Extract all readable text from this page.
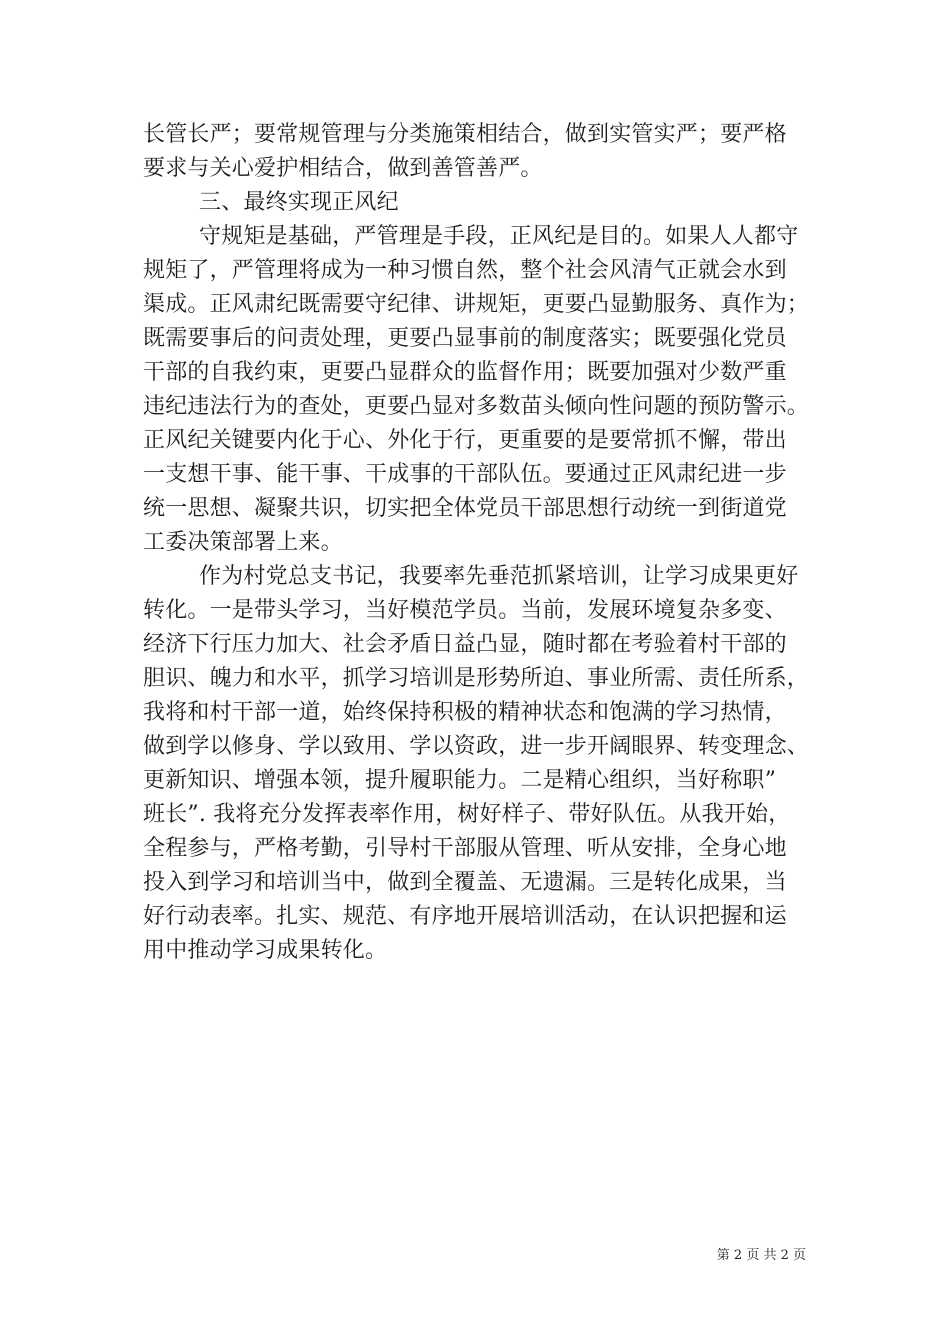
长管长严；要常规管理与分类施策相结合，做到实管实严；要严格
要求与关心爱护相结合，做到善管善严。
三、最终实现正风纪
守规矩是基础，严管理是手段，正风纪是目的。如果人人都守
规矩了，严管理将成为一种习惯自然，整个社会风清气正就会水到
渠成。正风肃纪既需要守纪律、讲规矩，更要凸显勤服务、真作为；
既需要事后的问责处理，更要凸显事前的制度落实；既要强化党员
干部的自我约束，更要凸显群众的监督作用；既要加强对少数严重
违纪违法行为的查处，更要凸显对多数苗头倾向性问题的预防警示。
正风纪关键要内化于心、外化于行，更重要的是要常抓不懈，带出
一支想干事、能干事、干成事的干部队伍。要通过正风肃纪进一步
统一思想、凝聚共识，切实把全体党员干部思想行动统一到街道党
工委决策部署上来。
作为村党总支书记，我要率先垂范抓紧培训，让学习成果更好
转化。一是带头学习，当好模范学员。当前，发展环境复杂多变、
经济下行压力加大、社会矛盾日益凸显，随时都在考验着村干部的
胆识、魄力和水平，抓学习培训是形势所迫、事业所需、责任所系，
我将和村干部一道，始终保持积极的精神状态和饱满的学习热情，
做到学以修身、学以致用、学以资政，进一步开阔眼界、转变理念、
更新知识、增强本领，提升履职能力。二是精心组织，当好称职”
班长”. 我将充分发挥表率作用，树好样子、带好队伍。从我开始，
全程参与，严格考勤，引导村干部服从管理、听从安排，全身心地
投入到学习和培训当中，做到全覆盖、无遗漏。三是转化成果，当
好行动表率。扎实、规范、有序地开展培训活动，在认识把握和运
用中推动学习成果转化。
第 2 页 共 2 页
